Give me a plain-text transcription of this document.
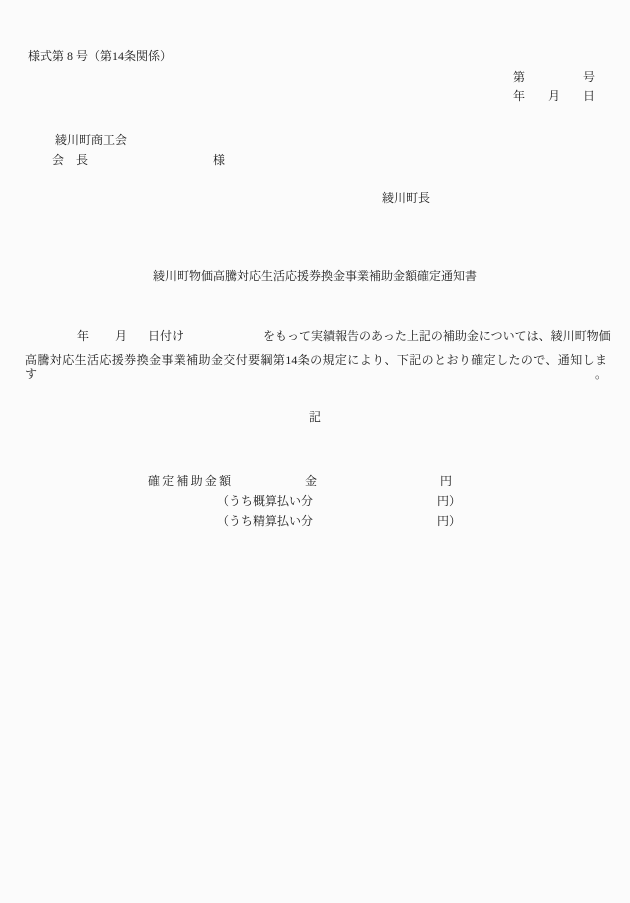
様式第 8 号（第14条関係）
第	号
年 月 日
綾川町商工会
会　長	様
綾川町長
綾川町物価高騰対応生活応援券換金事業補助金額確定通知書
年 月 日付け	をもって実績報告のあった上記の補助金については、綾川町物価
高騰対応生活応援券換金事業補助金交付要綱第14条の規定により、下記のとおり確定したので、通知します。
記
確定補助金額	金	円
（うち概算払い分	円）
（うち精算払い分	円）
